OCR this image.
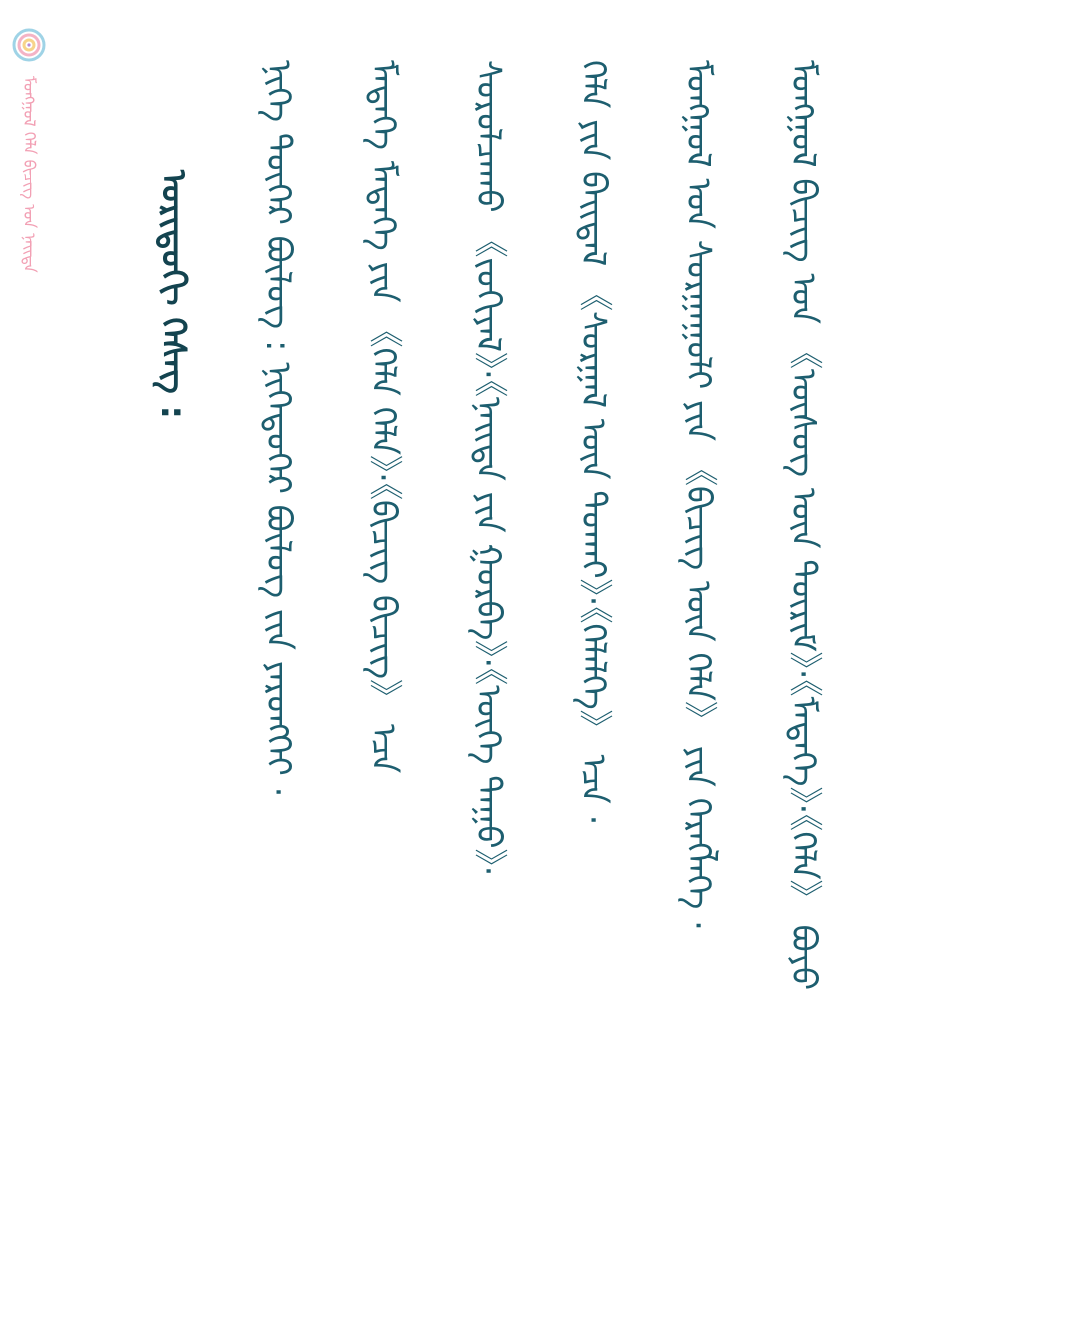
ᠮᠣᠩᠭᠣᠯ ᠬᠡᠯᠡ ᠪᠢᠴᠢᠭ ᠤᠨ ᠨᠡᠢᠲᠡ	ᠤᠷᠢᠳᠤᠬᠢ ᠬᠡᠰᠡᠭ :	ᠨᠢᠭᠡ ᠳᠦᠭᠡᠷ ᠪᠦᠯᠦᠭ : ᠨᠢᠭᠡᠳᠦᠭᠡᠷ ᠪᠦᠯᠦᠭ ᠵᠢᠨ ᠶᠡᠷᠦᠩᠬᠡᠢ ·	ᠮᠡᠳᠡᠭᠡ ᠮᠡᠳᠡᠭᠡ ᠶᠢᠨ 《ᠬᠡᠯᠡ ᠬᠡᠯᠡ》·《ᠪᠢᠴᠢᠭ ᠪᠢᠴᠢᠭ》 ᠡᠴᠡ	ᠰᠤᠷᠤᠯᠴᠠᠬᠤ 《ᠵᠣᠬᠢᠶᠠᠯ》·《ᠨᠡᠢᠲᠡ ᠶᠢᠨ ᠭᠤᠷᠪᠠ》·《ᠦᠭᠡ ᠳᠠᠭᠤ》·	ᠬᠡᠯᠡ ᠶᠢᠨ ᠪᠠᠢᠳᠠᠯ 《ᠰᠤᠷᠭᠠᠯ ᠦᠨ ᠲᠤᠬᠠᠢ》·《ᠬᠡᠯᠡᠯᠭᠡ》 ᠡᠴᠡ ·	ᠮᠣᠩᠭᠣᠯ ᠤᠨ ᠰᠤᠷᠭᠠᠭᠤᠯᠢ ᠶᠢᠨ 《ᠪᠢᠴᠢᠭ ᠦᠨ ᠬᠡᠯᠡ》 ᠶᠢᠨ ᠬᠡᠷᠡᠭᠯᠡᠭᠡ ·	ᠮᠣᠩᠭᠣᠯ ᠪᠢᠴᠢᠭ ᠤᠨ 《ᠦᠰᠦᠭ ᠦᠨ ᠳᠦᠷᠢᠮ》·《ᠮᠡᠳᠡᠭᠡ》·《ᠬᠡᠯᠡ》 ᠪᠤᠶᠤ
